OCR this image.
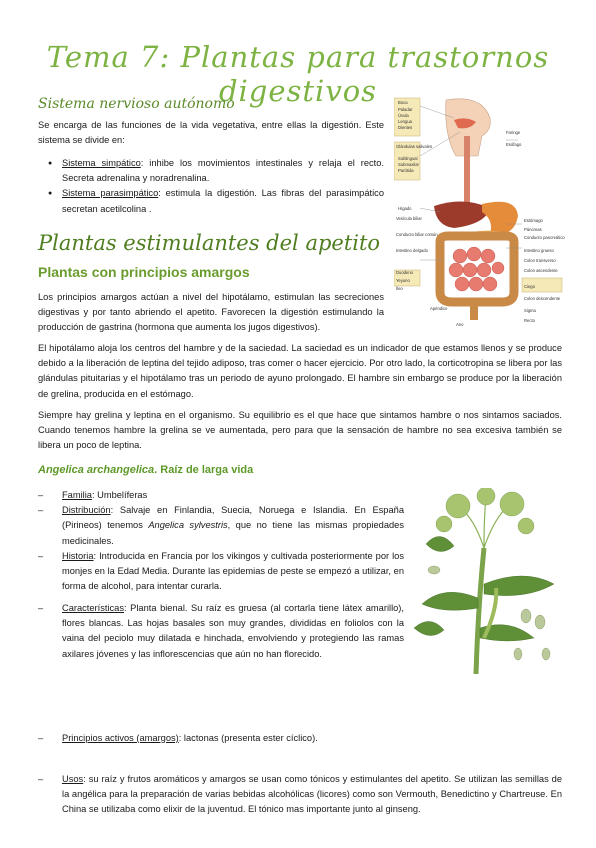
Tema 7: Plantas para trastornos digestivos
Sistema nervioso autónomo
Se encarga de las funciones de la vida vegetativa, entre ellas la digestión. Este sistema se divide en:
● Sistema simpático: inhibe los movimientos intestinales y relaja el recto. Secreta adrenalina y noradrenalina.
● Sistema parasimpático: estimula la digestión. Las fibras del parasimpático secretan acetilcolina .
Boca
Paladar
Úvula
Lengua
Dientes
Glándulas salivales
Sublingual
Submaxilar
Parótida
Hígado
Vesícula biliar
Conducto biliar común
Intestino delgado
Duodeno
Yeyuno
Íleo
Apéndice
Ano
Faringe
Esófago
Estómago
Páncreas
Conducto pancreático
Intestino grueso
Colon transverso
Colon ascendente
Ciego
Colon descendente
Sigma
Recto
Plantas estimulantes del apetito
Plantas con principios amargos
Los principios amargos actúan a nivel del hipotálamo, estimulan las secreciones digestivas y por tanto abriendo el apetito. Favorecen la digestión estimulando la producción de gastrina (hormona que aumenta los jugos digestivos).
El hipotálamo aloja los centros del hambre y de la saciedad. La saciedad es un indicador de que estamos llenos y se produce debido a la liberación de leptina del tejido adiposo, tras comer o hacer ejercicio. Por otro lado, la corticotropina se libera por las glándulas pituitarias y el hipotálamo tras un periodo de ayuno prolongado. El hambre sin embargo se produce por la liberación de grelina, producida en el estómago.
Siempre hay grelina y leptina en el organismo. Su equilibrio es el que hace que sintamos hambre o nos sintamos saciados. Cuando tenemos hambre la grelina se ve aumentada, pero para que la sensación de hambre no sea excesiva también se libera un poco de leptina.
Angelica archangelica. Raíz de larga vida
– Familia: Umbelíferas
– Distribución: Salvaje en Finlandia, Suecia, Noruega e Islandia. En España (Pirineos) tenemos Angelica sylvestris, que no tiene las mismas propiedades medicinales.
– Historia: Introducida en Francia por los vikingos y cultivada posteriormente por los monjes en la Edad Media. Durante las epidemias de peste se empezó a utilizar, en forma de alcohol, para intentar curarla.
– Características: Planta bienal. Su raíz es gruesa (al cortarla tiene látex amarillo), flores blancas. Las hojas basales son muy grandes, divididas en foliolos con la vaina del peciolo muy dilatada e hinchada, envolviendo y protegiendo las ramas axilares jóvenes y las inflorescencias que aún no han florecido.
– Principios activos (amargos): lactonas (presenta ester cíclico).
– Usos: su raíz y frutos aromáticos y amargos se usan como tónicos y estimulantes del apetito. Se utilizan las semillas de la angélica para la preparación de varias bebidas alcohólicas (licores) como son Vermouth, Benedictino y Chartreuse. En China se utilizaba como elixir de la juventud. El tónico mas importante junto al ginseng.
